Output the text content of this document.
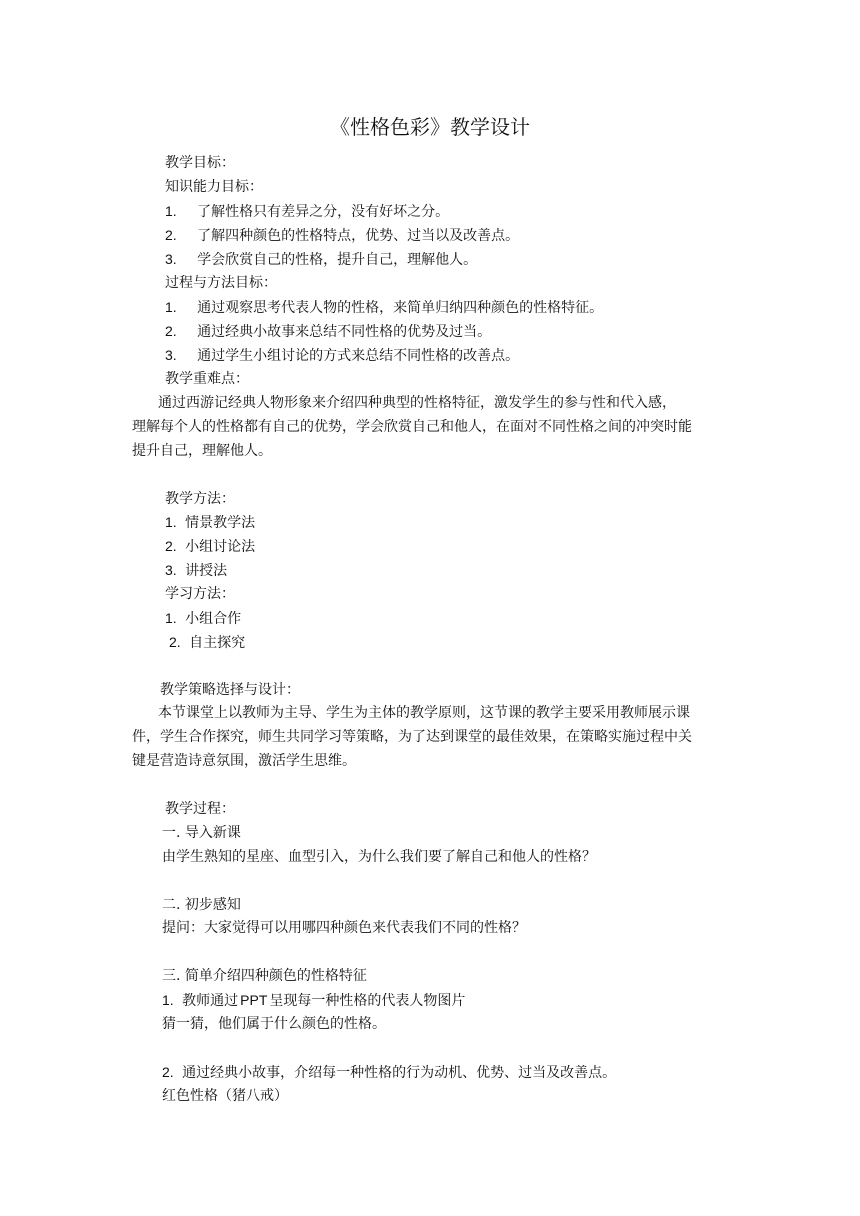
《性格色彩》教学设计
教学目标：
知识能力目标：
1. 了解性格只有差异之分，没有好坏之分。
2. 了解四种颜色的性格特点，优势、过当以及改善点。
3. 学会欣赏自己的性格，提升自己，理解他人。
过程与方法目标：
1. 通过观察思考代表人物的性格，来简单归纳四种颜色的性格特征。
2. 通过经典小故事来总结不同性格的优势及过当。
3. 通过学生小组讨论的方式来总结不同性格的改善点。
教学重难点：
通过西游记经典人物形象来介绍四种典型的性格特征，激发学生的参与性和代入感，
理解每个人的性格都有自己的优势，学会欣赏自己和他人，在面对不同性格之间的冲突时能
提升自己，理解他人。
教学方法：
1. 情景教学法
2. 小组讨论法
3. 讲授法
学习方法：
1. 小组合作
2. 自主探究
教学策略选择与设计：
本节课堂上以教师为主导、学生为主体的教学原则，这节课的教学主要采用教师展示课
件，学生合作探究，师生共同学习等策略，为了达到课堂的最佳效果，在策略实施过程中关
键是营造诗意氛围，激活学生思维。
教学过程：
一. 导入新课
由学生熟知的星座、血型引入，为什么我们要了解自己和他人的性格？
二. 初步感知
提问：大家觉得可以用哪四种颜色来代表我们不同的性格？
三. 简单介绍四种颜色的性格特征
1. 教师通过 PPT 呈现每一种性格的代表人物图片
猜一猜，他们属于什么颜色的性格。
2. 通过经典小故事，介绍每一种性格的行为动机、优势、过当及改善点。
红色性格（猪八戒）
